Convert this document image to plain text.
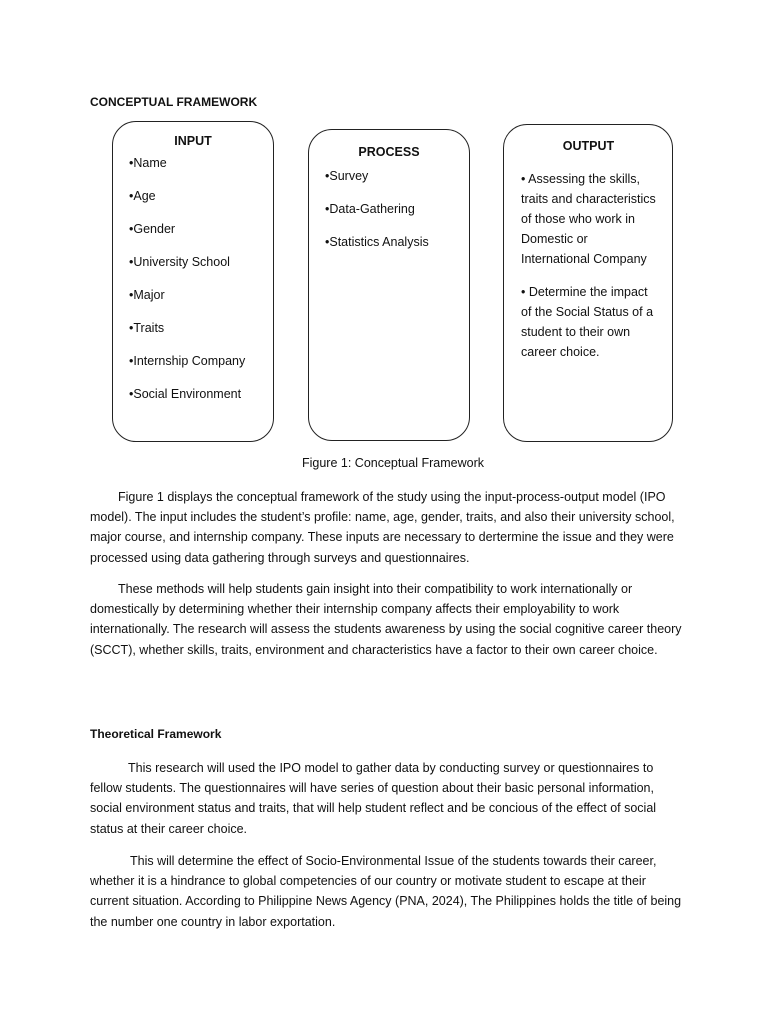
CONCEPTUAL FRAMEWORK
INPUT
•Name
•Age
•Gender
•University School
•Major
•Traits
•Internship Company
•Social Environment
PROCESS
•Survey
•Data-Gathering
•Statistics Analysis
OUTPUT

• Assessing the skills, traits and characteristics of those who work in Domestic or International Company

• Determine the impact of the Social Status of a student to their own career choice.

Figure 1: Conceptual Framework

Figure 1 displays the conceptual framework of the study using the input-process-output model (IPO model). The input includes the student’s profile: name, age, gender, traits, and also their university school, major course, and internship company. These inputs are necessary to dertermine the issue and they were processed using data gathering through surveys and questionnaires.

These methods will help students gain insight into their compatibility to work internationally or domestically by determining whether their internship company affects their employability to work internationally. The research will assess the students awareness by using the social cognitive career theory (SCCT), whether skills, traits, environment and characteristics have a factor to their own career choice.

Theoretical Framework

This research will used the IPO model to gather data by conducting survey or questionnaires to fellow students. The questionnaires will have series of question about their basic personal information, social environment status and traits, that will help student reflect and be concious of the effect of social status at their career choice.

This will determine the effect of Socio-Environmental Issue of the students towards their career, whether it is a hindrance to global competencies of our country or motivate student to escape at their current situation. According to Philippine News Agency (PNA, 2024), The Philippines holds the title of being the number one country in labor exportation.
